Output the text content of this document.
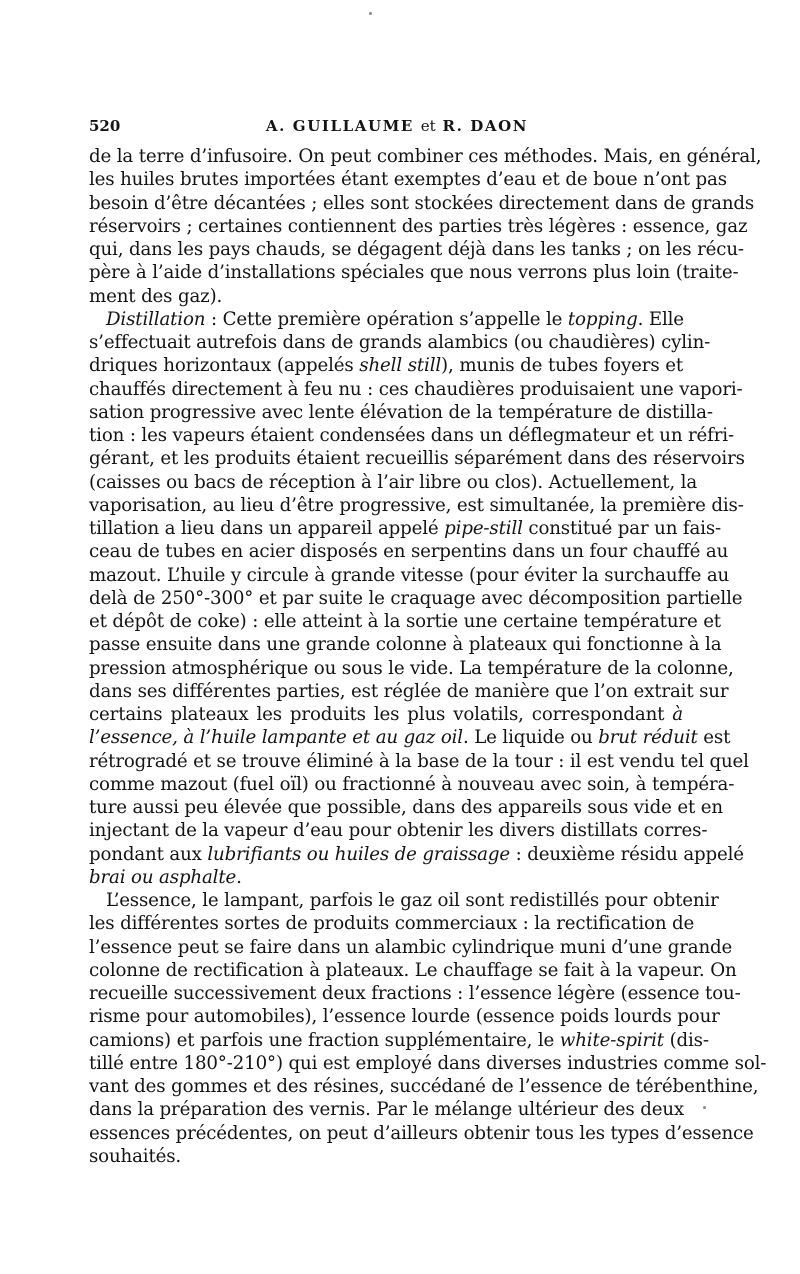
520	A. GUILLAUME et R. DAON
de la terre d’infusoire. On peut combiner ces méthodes. Mais, en général,
les huiles brutes importées étant exemptes d’eau et de boue n’ont pas
besoin d’être décantées ; elles sont stockées directement dans de grands
réservoirs ; certaines contiennent des parties très légères : essence, gaz
qui, dans les pays chauds, se dégagent déjà dans les tanks ; on les récu-
père à l’aide d’installations spéciales que nous verrons plus loin (traite-
ment des gaz).
Distillation : Cette première opération s’appelle le topping. Elle
s’effectuait autrefois dans de grands alambics (ou chaudières) cylin-
driques horizontaux (appelés shell still), munis de tubes foyers et
chauffés directement à feu nu : ces chaudières produisaient une vapori-
sation progressive avec lente élévation de la température de distilla-
tion : les vapeurs étaient condensées dans un déflegmateur et un réfri-
gérant, et les produits étaient recueillis séparément dans des réservoirs
(caisses ou bacs de réception à l’air libre ou clos). Actuellement, la
vaporisation, au lieu d’être progressive, est simultanée, la première dis-
tillation a lieu dans un appareil appelé pipe-still constitué par un fais-
ceau de tubes en acier disposés en serpentins dans un four chauffé au
mazout. L’huile y circule à grande vitesse (pour éviter la surchauffe au
delà de 250°-300° et par suite le craquage avec décomposition partielle
et dépôt de coke) : elle atteint à la sortie une certaine température et
passe ensuite dans une grande colonne à plateaux qui fonctionne à la
pression atmosphérique ou sous le vide. La température de la colonne,
dans ses différentes parties, est réglée de manière que l’on extrait sur
certains plateaux les produits les plus volatils, correspondant à
l’essence, à l’huile lampante et au gaz oil. Le liquide ou brut réduit est
rétrogradé et se trouve éliminé à la base de la tour : il est vendu tel quel
comme mazout (fuel oïl) ou fractionné à nouveau avec soin, à tempéra-
ture aussi peu élevée que possible, dans des appareils sous vide et en
injectant de la vapeur d’eau pour obtenir les divers distillats corres-
pondant aux lubrifiants ou huiles de graissage : deuxième résidu appelé
brai ou asphalte.
L’essence, le lampant, parfois le gaz oil sont redistillés pour obtenir
les différentes sortes de produits commerciaux : la rectification de
l’essence peut se faire dans un alambic cylindrique muni d’une grande
colonne de rectification à plateaux. Le chauffage se fait à la vapeur. On
recueille successivement deux fractions : l’essence légère (essence tou-
risme pour automobiles), l’essence lourde (essence poids lourds pour
camions) et parfois une fraction supplémentaire, le white-spirit (dis-
tillé entre 180°-210°) qui est employé dans diverses industries comme sol-
vant des gommes et des résines, succédané de l’essence de térébenthine,
dans la préparation des vernis. Par le mélange ultérieur des deux
essences précédentes, on peut d’ailleurs obtenir tous les types d’essence
souhaités.
